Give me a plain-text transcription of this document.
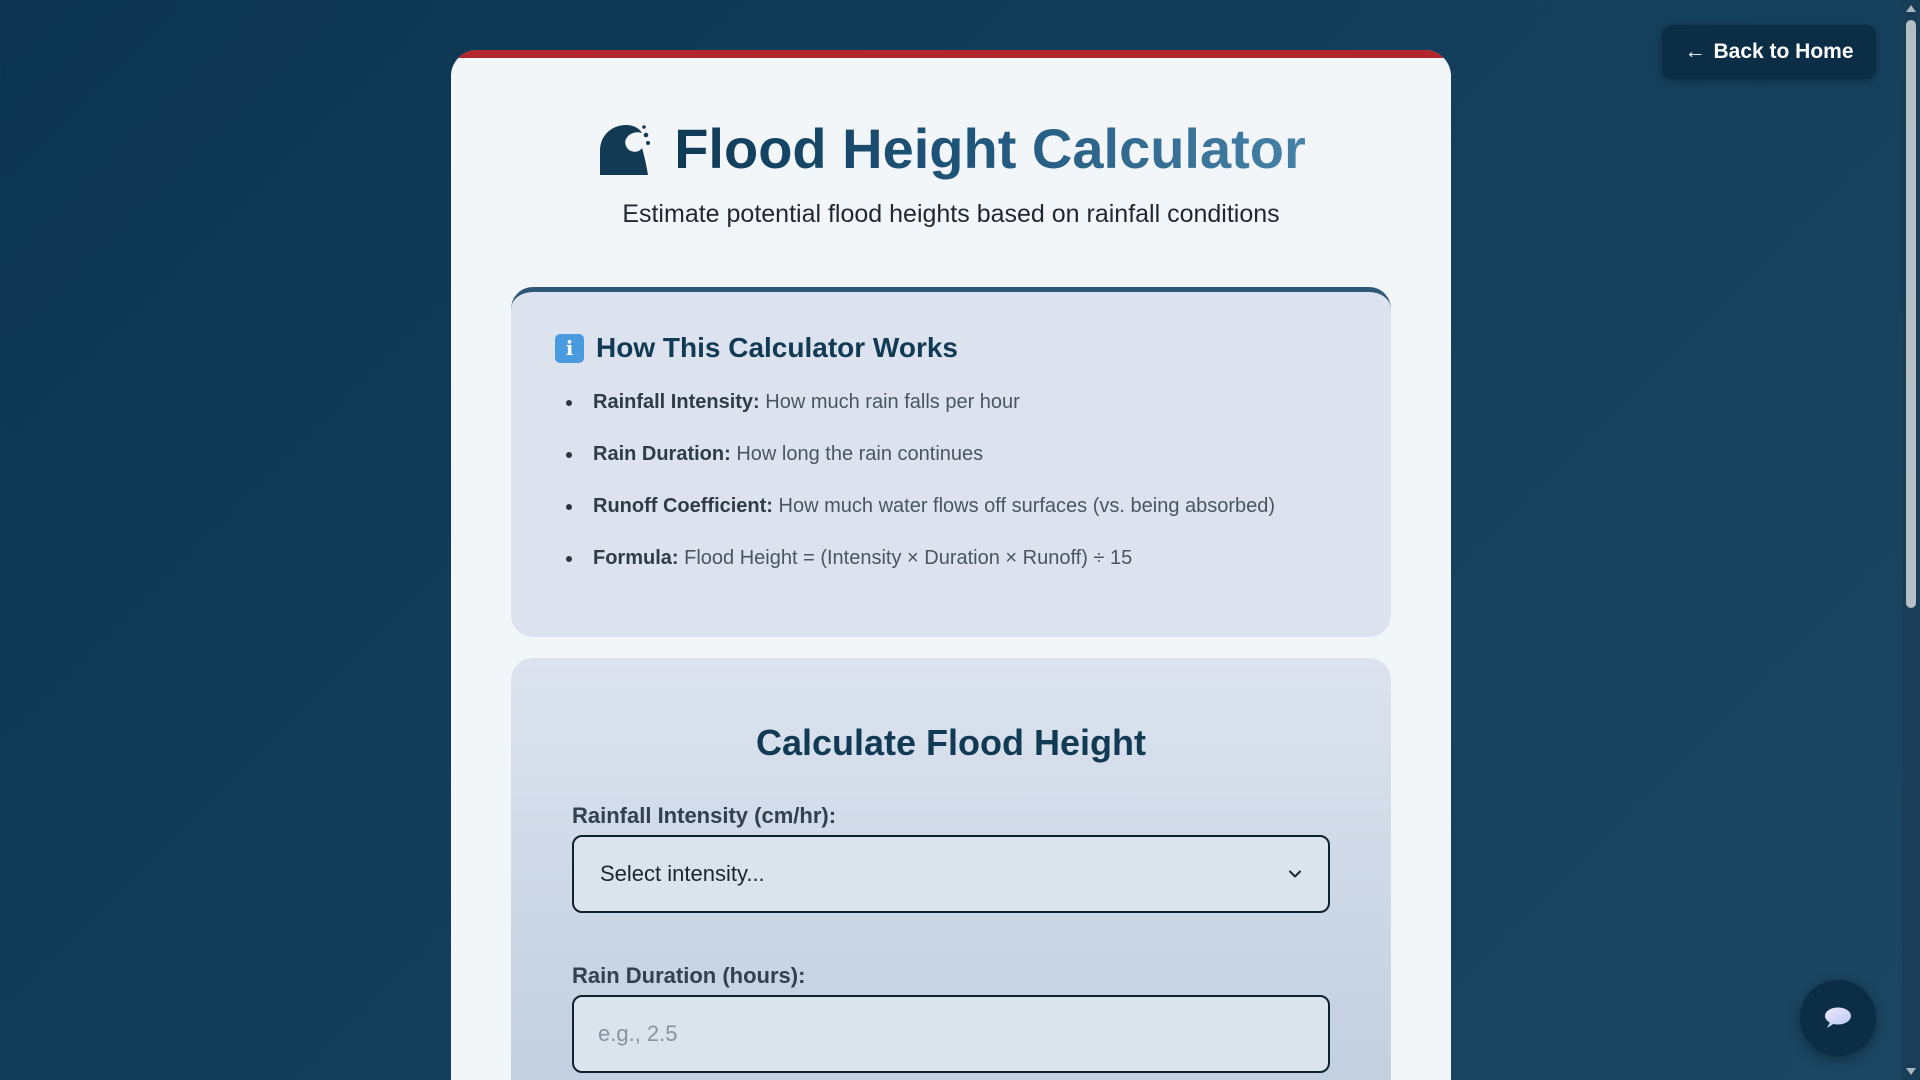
← Back to Home
Flood Height Calculator
Estimate potential flood heights based on rainfall conditions
i How This Calculator Works
Rainfall Intensity: How much rain falls per hour
Rain Duration: How long the rain continues
Runoff Coefficient: How much water flows off surfaces (vs. being absorbed)
Formula: Flood Height = (Intensity × Duration × Runoff) ÷ 15
Calculate Flood Height
Rainfall Intensity (cm/hr):
Select intensity...
Rain Duration (hours):
e.g., 2.5
